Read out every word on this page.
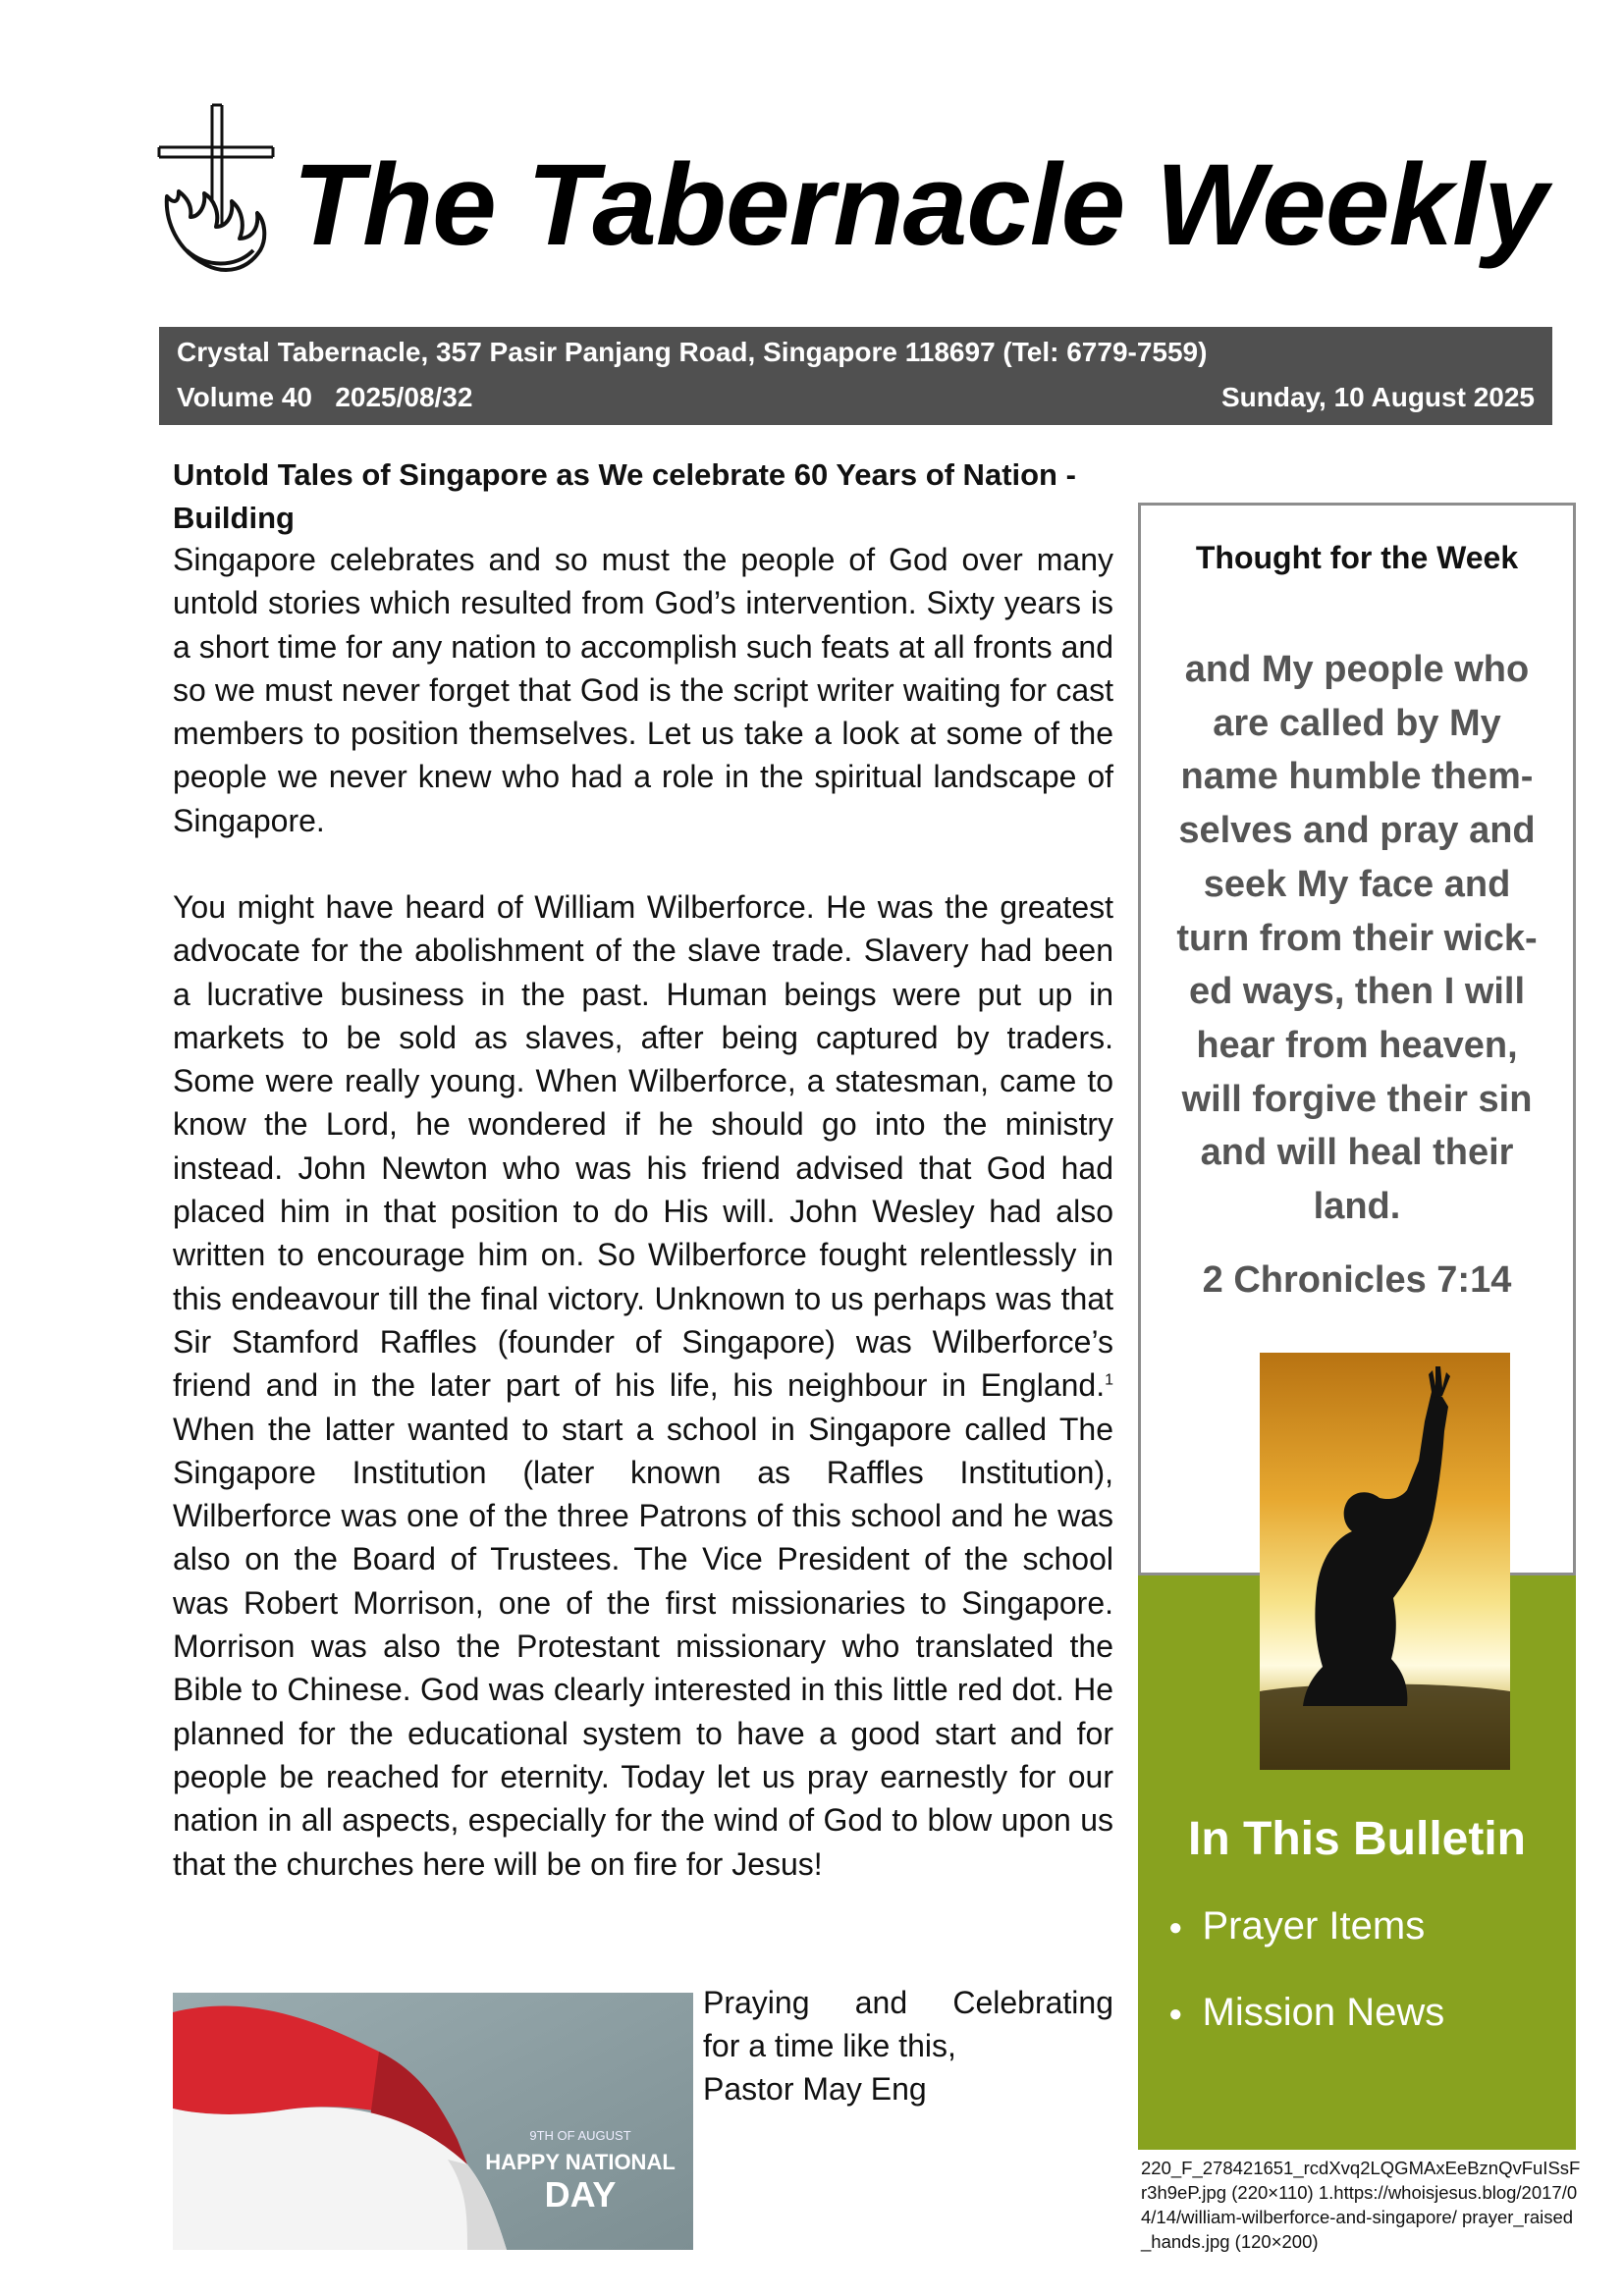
The Tabernacle Weekly
Crystal Tabernacle, 357 Pasir Panjang Road, Singapore 118697 (Tel: 6779-7559)
Volume 40   2025/08/32	Sunday, 10 August 2025
Untold Tales of Singapore as We celebrate 60 Years of Nation -Building
Singapore celebrates and so must the people of God over many untold stories which resulted from God’s intervention. Sixty years is a short time for any nation to accomplish such feats at all fronts and so we must never forget that God is the script writer waiting for cast members to position themselves. Let us take a look at some of the people we never knew who had a role in the spiritual landscape of Singapore.
You might have heard of William Wilberforce. He was the greatest advocate for the abolishment of the slave trade. Slavery had been a lucrative business in the past. Human beings were put up in markets to be sold as slaves, after being captured by traders. Some were really young. When Wilberforce, a statesman, came to know the Lord, he wondered if he should go into the ministry instead. John Newton who was his friend advised that God had placed him in that position to do His will. John Wesley had also written to encourage him on. So Wilberforce fought relentlessly in this endeavour till the final victory. Unknown to us perhaps was that Sir Stamford Raffles (founder of Singapore) was Wilberforce’s friend and in the later part of his life, his neighbour in England.$^1$ When the latter wanted to start a school in Singapore called The Singapore Institution (later known as Raffles Institution), Wilberforce was one of the three Patrons of this school and he was also on the Board of Trustees. The Vice President of the school was Robert Morrison, one of the first missionaries to Singapore. Morrison was also the Protestant missionary who translated the Bible to Chinese. God was clearly interested in this little red dot. He planned for the educational system to have a good start and for people be reached for eternity. Today let us pray earnestly for our nation in all aspects, especially for the wind of God to blow upon us that the churches here will be on fire for Jesus!
9TH OF AUGUST
HAPPY NATIONAL
DAY
Praying and Celebrating
for a time like this,
Pastor May Eng
Thought for the Week
and My people who
are called by My
name humble them-
selves and pray and
seek My face and
turn from their wick-
ed ways, then I will
hear from heaven,
will forgive their sin
and will heal their
land.
2 Chronicles 7:14
In This Bulletin
● Prayer Items
● Mission News
220_F_278421651_rcdXvq2LQGMAxEeBznQvFuISsFr3h9eP.jpg (220×110) 1.https://whoisjesus.blog/2017/04/14/william-wilberforce-and-singapore/ prayer_raised_hands.jpg (120×200)
